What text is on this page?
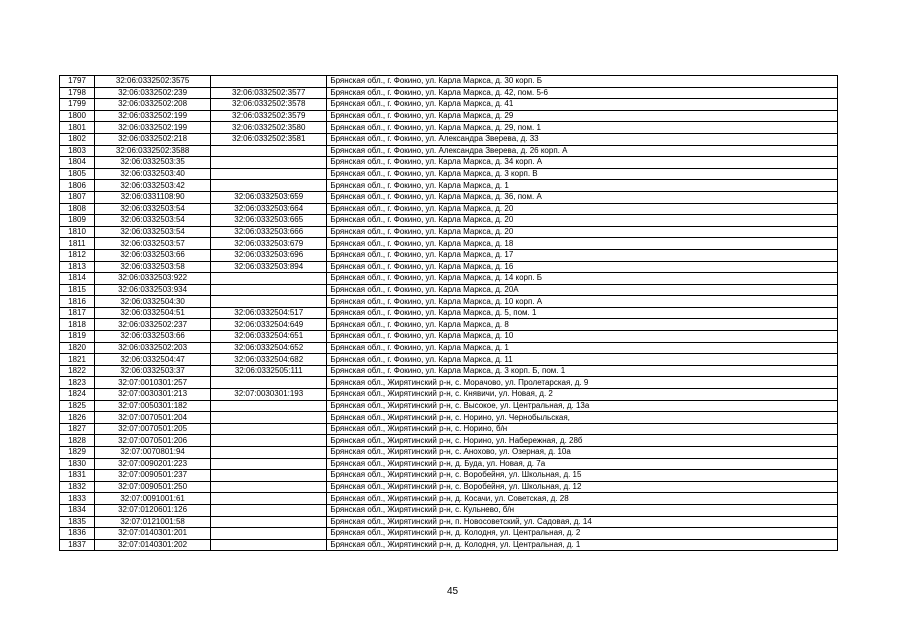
1797	32:06:0332502:3575		Брянская обл., г. Фокино, ул. Карла Маркса, д. 30 корп. Б
1798	32:06:0332502:239	32:06:0332502:3577	Брянская обл., г. Фокино, ул. Карла Маркса, д. 42, пом. 5-6
1799	32:06:0332502:208	32:06:0332502:3578	Брянская обл., г. Фокино, ул. Карла Маркса, д. 41
1800	32:06:0332502:199	32:06:0332502:3579	Брянская обл., г. Фокино, ул. Карла Маркса, д. 29
1801	32:06:0332502:199	32:06:0332502:3580	Брянская обл., г. Фокино, ул. Карла Маркса, д. 29, пом. 1
1802	32:06:0332502:218	32:06:0332502:3581	Брянская обл., г. Фокино, ул. Александра Зверева, д. 33
1803	32:06:0332502:3588		Брянская обл., г. Фокино, ул. Александра Зверева, д. 26 корп. А
1804	32:06:0332503:35		Брянская обл., г. Фокино, ул. Карла Маркса, д. 34 корп. А
1805	32:06:0332503:40		Брянская обл., г. Фокино, ул. Карла Маркса, д. 3 корп. В
1806	32:06:0332503:42		Брянская обл., г. Фокино, ул. Карла Маркса, д. 1
1807	32:06:0331108:90	32:06:0332503:659	Брянская обл., г. Фокино, ул. Карла Маркса, д. 36, пом. А
1808	32:06:0332503:54	32:06:0332503:664	Брянская обл., г. Фокино, ул. Карла Маркса, д. 20
1809	32:06:0332503:54	32:06:0332503:665	Брянская обл., г. Фокино, ул. Карла Маркса, д. 20
1810	32:06:0332503:54	32:06:0332503:666	Брянская обл., г. Фокино, ул. Карла Маркса, д. 20
1811	32:06:0332503:57	32:06:0332503:679	Брянская обл., г. Фокино, ул. Карла Маркса, д. 18
1812	32:06:0332503:66	32:06:0332503:696	Брянская обл., г. Фокино, ул. Карла Маркса, д. 17
1813	32:06:0332503:58	32:06:0332503:894	Брянская обл., г. Фокино, ул. Карла Маркса, д. 16
1814	32:06:0332503:922		Брянская обл., г. Фокино, ул. Карла Маркса, д. 14 корп. Б
1815	32:06:0332503:934		Брянская обл., г. Фокино, ул. Карла Маркса, д. 20А
1816	32:06:0332504:30		Брянская обл., г. Фокино, ул. Карла Маркса, д. 10 корп. А
1817	32:06:0332504:51	32:06:0332504:517	Брянская обл., г. Фокино, ул. Карла Маркса, д. 5, пом. 1
1818	32:06:0332502:237	32:06:0332504:649	Брянская обл., г. Фокино, ул. Карла Маркса, д. 8
1819	32:06:0332503:66	32:06:0332504:651	Брянская обл., г. Фокино, ул. Карла Маркса, д. 10
1820	32:06:0332502:203	32:06:0332504:652	Брянская обл., г. Фокино, ул. Карла Маркса, д. 1
1821	32:06:0332504:47	32:06:0332504:682	Брянская обл., г. Фокино, ул. Карла Маркса, д. 11
1822	32:06:0332503:37	32:06:0332505:111	Брянская обл., г. Фокино, ул. Карла Маркса, д. 3 корп. Б, пом. 1
1823	32:07:0010301:257		Брянская обл., Жирятинский р-н, с. Морачово, ул. Пролетарская, д. 9
1824	32:07:0030301:213	32:07:0030301:193	Брянская обл., Жирятинский р-н, с. Княвичи, ул. Новая, д. 2
1825	32:07:0050301:182		Брянская обл., Жирятинский р-н, с. Высокое, ул. Центральная, д. 13а
1826	32:07:0070501:204		Брянская обл., Жирятинский р-н, с. Норино, ул. Чернобыльская,
1827	32:07:0070501:205		Брянская обл., Жирятинский р-н, с. Норино, б/н
1828	32:07:0070501:206		Брянская обл., Жирятинский р-н, с. Норино, ул. Набережная, д. 28б
1829	32:07:0070801:94		Брянская обл., Жирятинский р-н, с. Анохово, ул. Озерная, д. 10а
1830	32:07:0090201:223		Брянская обл., Жирятинский р-н, д. Буда, ул. Новая, д. 7а
1831	32:07:0090501:237		Брянская обл., Жирятинский р-н, с. Воробейня, ул. Школьная, д. 15
1832	32:07:0090501:250		Брянская обл., Жирятинский р-н, с. Воробейня, ул. Школьная, д. 12
1833	32:07:0091001:61		Брянская обл., Жирятинский р-н, д. Косачи, ул. Советская, д. 28
1834	32:07:0120601:126		Брянская обл., Жирятинский р-н, с. Кульнево, б/н
1835	32:07:0121001:58		Брянская обл., Жирятинский р-н, п. Новосоветский, ул. Садовая, д. 14
1836	32:07:0140301:201		Брянская обл., Жирятинский р-н, д. Колодня, ул. Центральная, д. 2
1837	32:07:0140301:202		Брянская обл., Жирятинский р-н, д. Колодня, ул. Центральная, д. 1
45
